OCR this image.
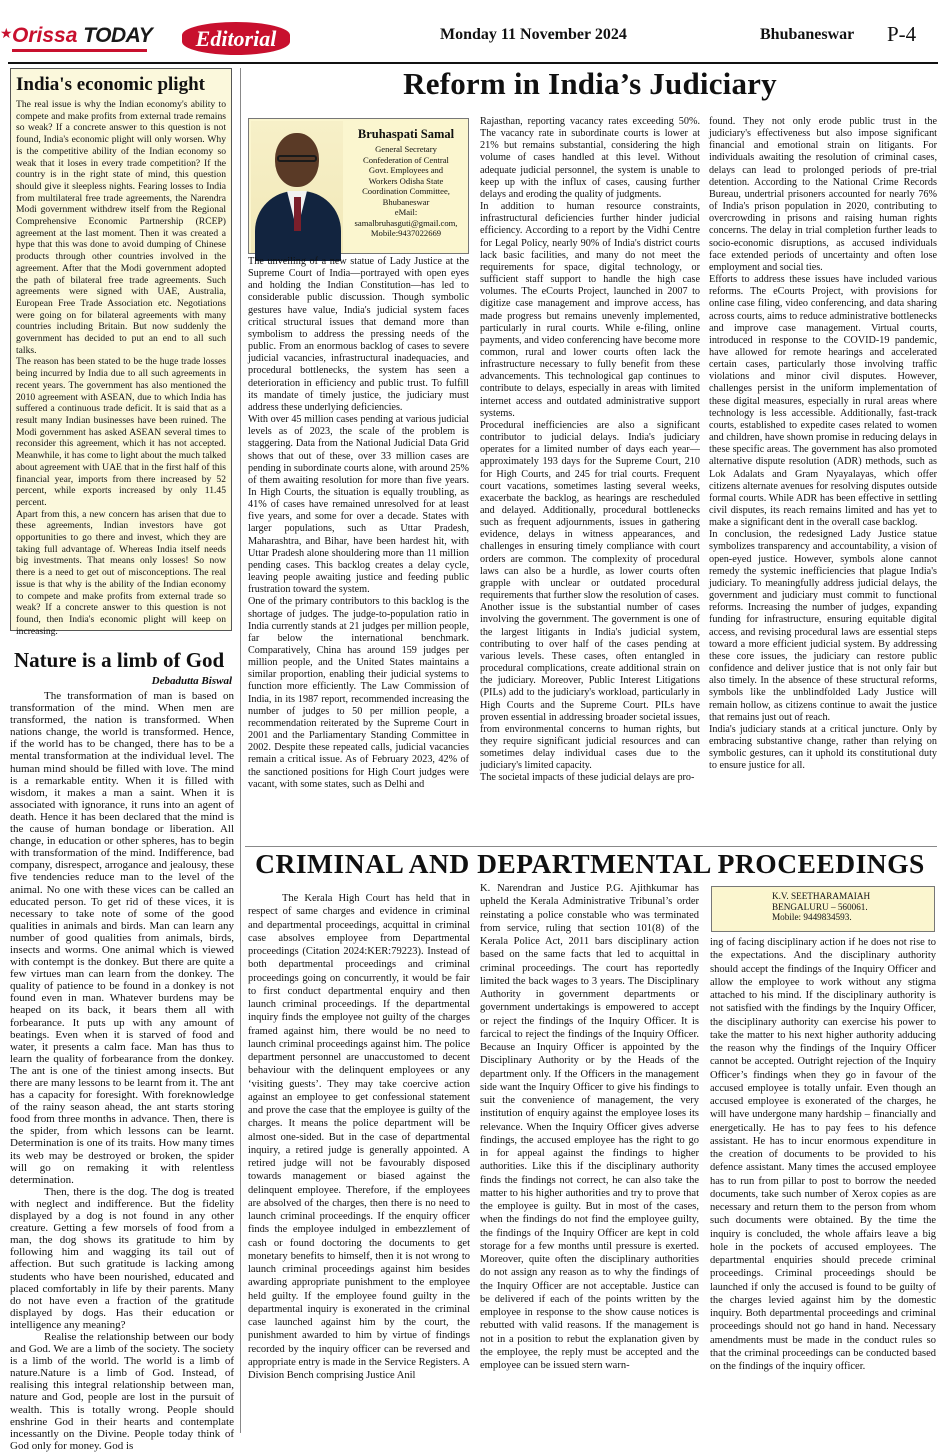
★ Orissa TODAY	Editorial	Monday 11 November 2024	Bhubaneswar	P-4
India's economic plight

The real issue is why the Indian economy's ability to compete and make profits from external trade remains so weak? If a concrete answer to this question is not found, India's economic plight will only worsen. Why is the competitive ability of the Indian economy so weak that it loses in every trade competition? If the country is in the right state of mind, this question should give it sleepless nights. Fearing losses to India from multilateral free trade agreements, the Narendra Modi government withdrew itself from the Regional Comprehensive Economic Partnership (RCEP) agreement at the last moment. Then it was created a hype that this was done to avoid dumping of Chinese products through other countries involved in the agreement. After that the Modi government adopted the path of bilateral free trade agreements. Such agreements were signed with UAE, Australia, European Free Trade Association etc. Negotiations were going on for bilateral agreements with many countries including Britain. But now suddenly the government has decided to put an end to all such talks.

The reason has been stated to be the huge trade losses being incurred by India due to all such agreements in recent years. The government has also mentioned the 2010 agreement with ASEAN, due to which India has suffered a continuous trade deficit. It is said that as a result many Indian businesses have been ruined. The Modi government has asked ASEAN several times to reconsider this agreement, which it has not accepted. Meanwhile, it has come to light about the much talked about agreement with UAE that in the first half of this financial year, imports from there increased by 52 percent, while exports increased by only 11.45 percent.

Apart from this, a new concern has arisen that due to these agreements, Indian investors have got opportunities to go there and invest, which they are taking full advantage of. Whereas India itself needs big investments. That means only losses! So now there is a need to get out of misconceptions. The real issue is that why is the ability of the Indian economy to compete and make profits from external trade so weak? If a concrete answer to this question is not found, then India's economic plight will keep on increasing.

Nature is a limb of God
Debadutta Biswal

The transformation of man is based on transformation of the mind. When men are transformed, the nation is transformed. When nations change, the world is transformed. Hence, if the world has to be changed, there has to be a mental transformation at the individual level. The human mind should be filled with love. The mind is a remarkable entity. When it is filled with wisdom, it makes a man a saint. When it is associated with ignorance, it runs into an agent of death. Hence it has been declared that the mind is the cause of human bondage or liberation. All change, in education or other spheres, has to begin with transformation of the mind. Indifference, bad company, disrespect, arrogance and jealousy, these five tendencies reduce man to the level of the animal. No one with these vices can be called an educated person. To get rid of these vices, it is necessary to take note of some of the good qualities in animals and birds. Man can learn any number of good qualities from animals, birds, insects and worms. One animal which is viewed with contempt is the donkey. But there are quite a few virtues man can learn from the donkey. The quality of patience to be found in a donkey is not found even in man. Whatever burdens may be heaped on its back, it bears them all with forbearance. It puts up with any amount of beatings. Even when it is starved of food and water, it presents a calm face. Man has thus to learn the quality of forbearance from the donkey. The ant is one of the tiniest among insects. But there are many lessons to be learnt from it. The ant has a capacity for foresight. With foreknowledge of the rainy season ahead, the ant starts storing food from three months in advance. Then, there is the spider, from which lessons can be learnt. Determination is one of its traits. How many times its web may be destroyed or broken, the spider will go on remaking it with relentless determination.

Then, there is the dog. The dog is treated with neglect and indifference. But the fidelity displayed by a dog is not found in any other creature. Getting a few morsels of food from a man, the dog shows its gratitude to him by following him and wagging its tail out of affection. But such gratitude is lacking among students who have been nourished, educated and placed comfortably in life by their parents. Many do not have even a fraction of the gratitude displayed by dogs. Has their education or intelligence any meaning?

Realise the relationship between our body and God. We are a limb of the society. The society is a limb of the world. The world is a limb of nature.Nature is a limb of God. Instead, of realising this integral relationship between man, nature and God, people are lost in the pursuit of wealth. This is totally wrong. People should enshrine God in their hearts and contemplate incessantly on the Divine. People today think of God only for money. God is

Reform in India’s Judiciary
Bruhaspati Samal
General Secretary
Confederation of Central
Govt. Employees and
Workers Odisha State
Coordination Committee,
Bhubaneswar
eMail:
samalbruhasguti@gmail.com,
Mobile:9437022669

The unveiling of a new statue of Lady Justice at the Supreme Court of India—portrayed with open eyes and holding the Indian Constitution—has led to considerable public discussion. Though symbolic gestures have value, India's judicial system faces critical structural issues that demand more than symbolism to address the pressing needs of the public. From an enormous backlog of cases to severe judicial vacancies, infrastructural inadequacies, and procedural bottlenecks, the system has seen a deterioration in efficiency and public trust. To fulfill its mandate of timely justice, the judiciary must address these underlying deficiencies.

With over 45 million cases pending at various judicial levels as of 2023, the scale of the problem is staggering. Data from the National Judicial Data Grid shows that out of these, over 33 million cases are pending in subordinate courts alone, with around 25% of them awaiting resolution for more than five years. In High Courts, the situation is equally troubling, as 41% of cases have remained unresolved for at least five years, and some for over a decade. States with larger populations, such as Uttar Pradesh, Maharashtra, and Bihar, have been hardest hit, with Uttar Pradesh alone shouldering more than 11 million pending cases. This backlog creates a delay cycle, leaving people awaiting justice and feeding public frustration toward the system.

One of the primary contributors to this backlog is the shortage of judges. The judge-to-population ratio in India currently stands at 21 judges per million people, far below the international benchmark. Comparatively, China has around 159 judges per million people, and the United States maintains a similar proportion, enabling their judicial systems to function more efficiently. The Law Commission of India, in its 1987 report, recommended increasing the number of judges to 50 per million people, a recommendation reiterated by the Supreme Court in 2001 and the Parliamentary Standing Committee in 2002. Despite these repeated calls, judicial vacancies remain a critical issue. As of February 2023, 42% of the sanctioned positions for High Court judges were vacant, with some states, such as Delhi and

Rajasthan, reporting vacancy rates exceeding 50%. The vacancy rate in subordinate courts is lower at 21% but remains substantial, considering the high volume of cases handled at this level. Without adequate judicial personnel, the system is unable to keep up with the influx of cases, causing further delays and eroding the quality of judgments.

In addition to human resource constraints, infrastructural deficiencies further hinder judicial efficiency. According to a report by the Vidhi Centre for Legal Policy, nearly 90% of India's district courts lack basic facilities, and many do not meet the requirements for space, digital technology, or sufficient staff support to handle the high case volumes. The eCourts Project, launched in 2007 to digitize case management and improve access, has made progress but remains unevenly implemented, particularly in rural courts. While e-filing, online payments, and video conferencing have become more common, rural and lower courts often lack the infrastructure necessary to fully benefit from these advancements. This technological gap continues to contribute to delays, especially in areas with limited internet access and outdated administrative support systems.

Procedural inefficiencies are also a significant contributor to judicial delays. India's judiciary operates for a limited number of days each year—approximately 193 days for the Supreme Court, 210 for High Courts, and 245 for trial courts. Frequent court vacations, sometimes lasting several weeks, exacerbate the backlog, as hearings are rescheduled and delayed. Additionally, procedural bottlenecks such as frequent adjournments, issues in gathering evidence, delays in witness appearances, and challenges in ensuring timely compliance with court orders are common. The complexity of procedural laws can also be a hurdle, as lower courts often grapple with unclear or outdated procedural requirements that further slow the resolution of cases.

Another issue is the substantial number of cases involving the government. The government is one of the largest litigants in India's judicial system, contributing to over half of the cases pending at various levels. These cases, often entangled in procedural complications, create additional strain on the judiciary. Moreover, Public Interest Litigations (PILs) add to the judiciary's workload, particularly in High Courts and the Supreme Court. PILs have proven essential in addressing broader societal issues, from environmental concerns to human rights, but they require significant judicial resources and can sometimes delay individual cases due to the judiciary's limited capacity.

The societal impacts of these judicial delays are pro-

found. They not only erode public trust in the judiciary's effectiveness but also impose significant financial and emotional strain on litigants. For individuals awaiting the resolution of criminal cases, delays can lead to prolonged periods of pre-trial detention. According to the National Crime Records Bureau, undertrial prisoners accounted for nearly 76% of India's prison population in 2020, contributing to overcrowding in prisons and raising human rights concerns. The delay in trial completion further leads to socio-economic disruptions, as accused individuals face extended periods of uncertainty and often lose employment and social ties.

Efforts to address these issues have included various reforms. The eCourts Project, with provisions for online case filing, video conferencing, and data sharing across courts, aims to reduce administrative bottlenecks and improve case management. Virtual courts, introduced in response to the COVID-19 pandemic, have allowed for remote hearings and accelerated certain cases, particularly those involving traffic violations and minor civil disputes. However, challenges persist in the uniform implementation of these digital measures, especially in rural areas where technology is less accessible. Additionally, fast-track courts, established to expedite cases related to women and children, have shown promise in reducing delays in these specific areas. The government has also promoted alternative dispute resolution (ADR) methods, such as Lok Adalats and Gram Nyayalayas, which offer citizens alternate avenues for resolving disputes outside formal courts. While ADR has been effective in settling civil disputes, its reach remains limited and has yet to make a significant dent in the overall case backlog.

In conclusion, the redesigned Lady Justice statue symbolizes transparency and accountability, a vision of open-eyed justice. However, symbols alone cannot remedy the systemic inefficiencies that plague India's judiciary. To meaningfully address judicial delays, the government and judiciary must commit to functional reforms. Increasing the number of judges, expanding funding for infrastructure, ensuring equitable digital access, and revising procedural laws are essential steps toward a more efficient judicial system. By addressing these core issues, the judiciary can restore public confidence and deliver justice that is not only fair but also timely. In the absence of these structural reforms, symbols like the unblindfolded Lady Justice will remain hollow, as citizens continue to await the justice that remains just out of reach.

India's judiciary stands at a critical juncture. Only by embracing substantive change, rather than relying on symbolic gestures, can it uphold its constitutional duty to ensure justice for all.

CRIMINAL AND DEPARTMENTAL PROCEEDINGS

The Kerala High Court has held that in respect of same charges and evidence in criminal and departmental proceedings, acquittal in criminal case absolves employee from Departmental proceedings (Citation 2024:KER:79223). Instead of both departmental proceedings and criminal proceedings going on concurrently, it would be fair to first conduct departmental enquiry and then launch criminal proceedings. If the departmental inquiry finds the employee not guilty of the charges framed against him, there would be no need to launch criminal proceedings against him. The police department personnel are unaccustomed to decent behaviour with the delinquent employees or any ‘visiting guests’. They may take coercive action against an employee to get confessional statement and prove the case that the employee is guilty of the charges. It means the police department will be almost one-sided. But in the case of departmental inquiry, a retired judge is generally appointed. A retired judge will not be favourably disposed towards management or biased against the delinquent employee. Therefore, if the employees are absolved of the charges, then there is no need to launch criminal proceedings. If the enquiry officer finds the employee indulged in embezzlement of cash or found doctoring the documents to get monetary benefits to himself, then it is not wrong to launch criminal proceedings against him besides awarding appropriate punishment to the employee held guilty. If the employee found guilty in the departmental inquiry is exonerated in the criminal case launched against him by the court, the punishment awarded to him by virtue of findings recorded by the inquiry officer can be reversed and appropriate entry is made in the Service Registers. A Division Bench comprising Justice Anil

K. Narendran and Justice P.G. Ajithkumar has upheld the Kerala Administrative Tribunal’s order reinstating a police constable who was terminated from service, ruling that section 101(8) of the Kerala Police Act, 2011 bars disciplinary action based on the same facts that led to acquittal in criminal proceedings. The court has reportedly limited the back wages to 3 years. The Disciplinary Authority in government departments or government undertakings is empowered to accept or reject the findings of the Inquiry Officer. It is farcical to reject the findings of the Inquiry Officer. Because an Inquiry Officer is appointed by the Disciplinary Authority or by the Heads of the department only. If the Officers in the management side want the Inquiry Officer to give his findings to suit the convenience of management, the very institution of enquiry against the employee loses its relevance. When the Inquiry Officer gives adverse findings, the accused employee has the right to go in for appeal against the findings to higher authorities. Like this if the disciplinary authority finds the findings not correct, he can also take the matter to his higher authorities and try to prove that the employee is guilty. But in most of the cases, when the findings do not find the employee guilty, the findings of the Inquiry Officer are kept in cold storage for a few months until pressure is exerted. Moreover, quite often the disciplinary authorities do not assign any reason as to why the findings of the Inquiry Officer are not acceptable. Justice can be delivered if each of the points written by the employee in response to the show cause notices is rebutted with valid reasons. If the management is not in a position to rebut the explanation given by the employee, the reply must be accepted and the employee can be issued stern warn-

K.V. SEETHARAMAIAH
BENGALURU – 560061.
Mobile: 9449834593.

ing of facing disciplinary action if he does not rise to the expectations. And the disciplinary authority should accept the findings of the Inquiry Officer and allow the employee to work without any stigma attached to his mind. If the disciplinary authority is not satisfied with the findings by the Inquiry Officer, the disciplinary authority can exercise his power to take the matter to his next higher authority adducing the reason why the findings of the Inquiry Officer cannot be accepted. Outright rejection of the Inquiry Officer’s findings when they go in favour of the accused employee is totally unfair. Even though an accused employee is exonerated of the charges, he will have undergone many hardship – financially and energetically. He has to pay fees to his defence assistant. He has to incur enormous expenditure in the creation of documents to be provided to his defence assistant. Many times the accused employee has to run from pillar to post to borrow the needed documents, take such number of Xerox copies as are necessary and return them to the person from whom such documents were obtained. By the time the inquiry is concluded, the whole affairs leave a big hole in the pockets of accused employees. The departmental enquiries should precede criminal proceedings. Criminal proceedings should be launched if only the accused is found to be guilty of the charges levied against him by the domestic inquiry. Both departmental proceedings and criminal proceedings should not go hand in hand. Necessary amendments must be made in the conduct rules so that the criminal proceedings can be conducted based on the findings of the inquiry officer.
